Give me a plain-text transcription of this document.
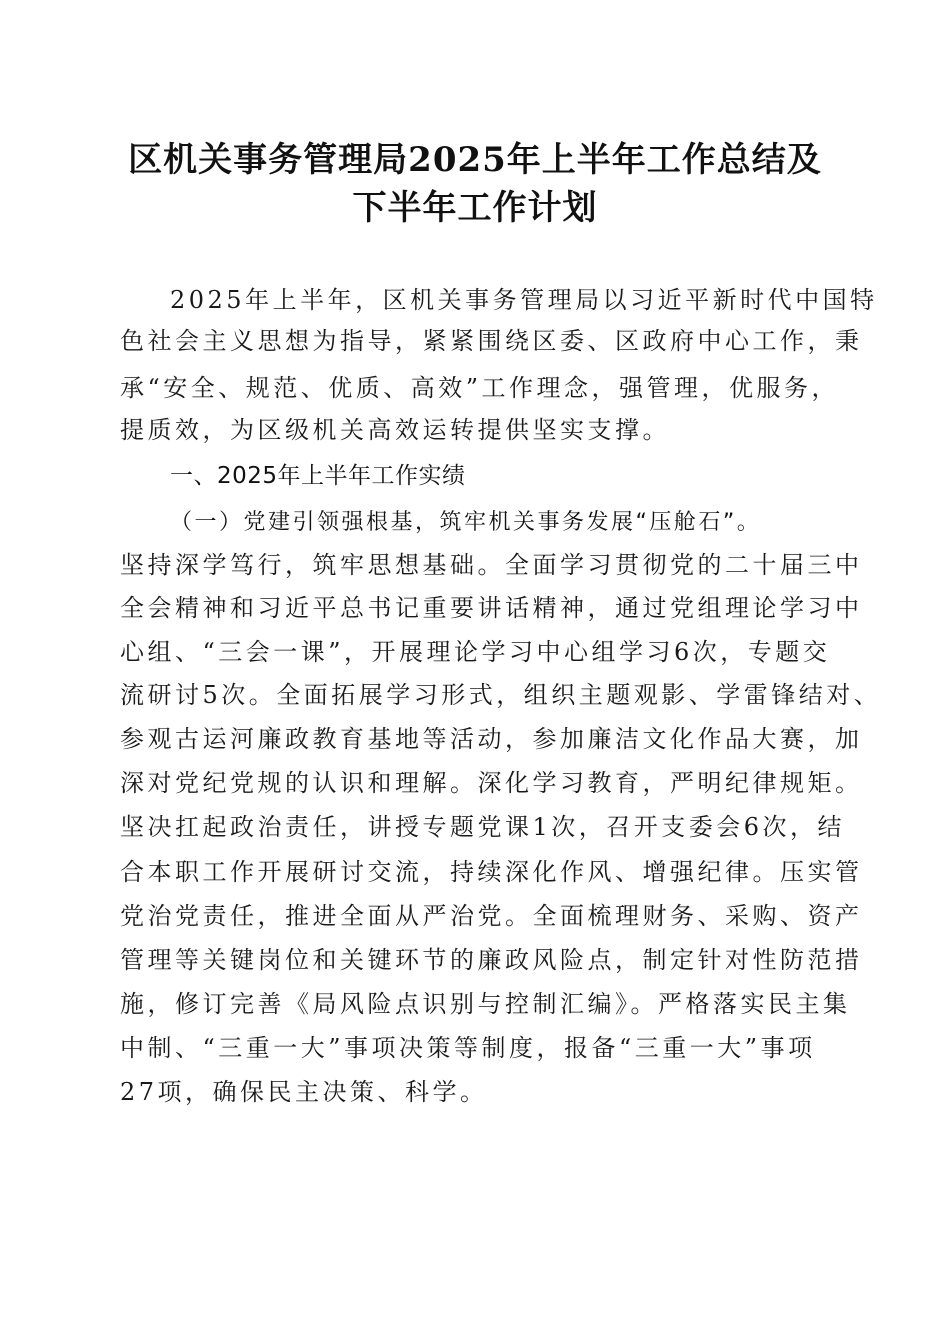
区机关事务管理局2025年上半年工作总结及
下半年工作计划
2025年上半年，区机关事务管理局以习近平新时代中国特
色社会主义思想为指导，紧紧围绕区委、区政府中心工作，秉
承“安全、规范、优质、高效”工作理念，强管理，优服务，
提质效，为区级机关高效运转提供坚实支撑。
一、2025年上半年工作实绩
（一）党建引领强根基，筑牢机关事务发展“压舱石”。
坚持深学笃行，筑牢思想基础。全面学习贯彻党的二十届三中
全会精神和习近平总书记重要讲话精神，通过党组理论学习中
心组、“三会一课”，开展理论学习中心组学习6次，专题交
流研讨5次。全面拓展学习形式，组织主题观影、学雷锋结对、
参观古运河廉政教育基地等活动，参加廉洁文化作品大赛，加
深对党纪党规的认识和理解。深化学习教育，严明纪律规矩。
坚决扛起政治责任，讲授专题党课1次，召开支委会6次，结
合本职工作开展研讨交流，持续深化作风、增强纪律。压实管
党治党责任，推进全面从严治党。全面梳理财务、采购、资产
管理等关键岗位和关键环节的廉政风险点，制定针对性防范措
施，修订完善《局风险点识别与控制汇编》。严格落实民主集
中制、“三重一大”事项决策等制度，报备“三重一大”事项
27项，确保民主决策、科学。
